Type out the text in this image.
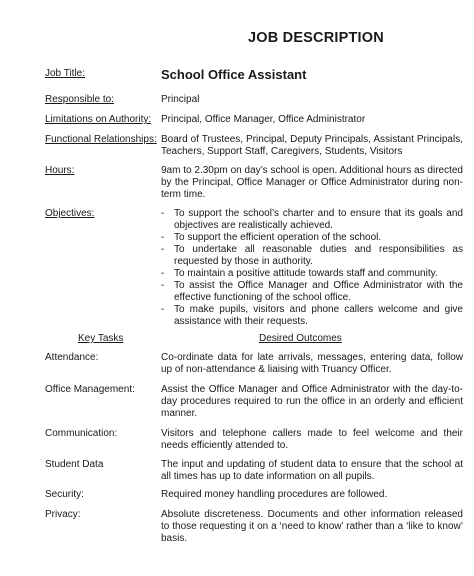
JOB DESCRIPTION
Job Title:	School Office Assistant
Responsible to:	Principal
Limitations on Authority: Principal, Office Manager, Office Administrator
Functional Relationships: Board of Trustees, Principal, Deputy Principals, Assistant Principals, Teachers, Support Staff, Caregivers, Students, Visitors
Hours:	9am to 2.30pm on day’s school is open. Additional hours as directed by the Principal, Office Manager or Office Administrator during non-term time.
Objectives:
-	To support the school’s charter and to ensure that its goals and objectives are realistically achieved.
- To support the efficient operation of the school.
- To undertake all reasonable duties and responsibilities as requested by those in authority.
- To maintain a positive attitude towards staff and community.
- To assist the Office Manager and Office Administrator with the effective functioning of the school office.
- To make pupils, visitors and phone callers welcome and give assistance with their requests.
Key Tasks	Desired Outcomes
Attendance:	Co-ordinate data for late arrivals, messages, entering data, follow up of non-attendance & liaising with Truancy Officer.
Office Management:	Assist the Office Manager and Office Administrator with the day-to-day procedures required to run the office in an orderly and efficient manner.
Communication:	Visitors and telephone callers made to feel welcome and their needs efficiently attended to.
Student Data	The input and updating of student data to ensure that the school at all times has up to date information on all pupils.
Security:	Required money handling procedures are followed.
Privacy:	Absolute discreteness. Documents and other information released to those requesting it on a ‘need to know’ rather than a ‘like to know’ basis.
